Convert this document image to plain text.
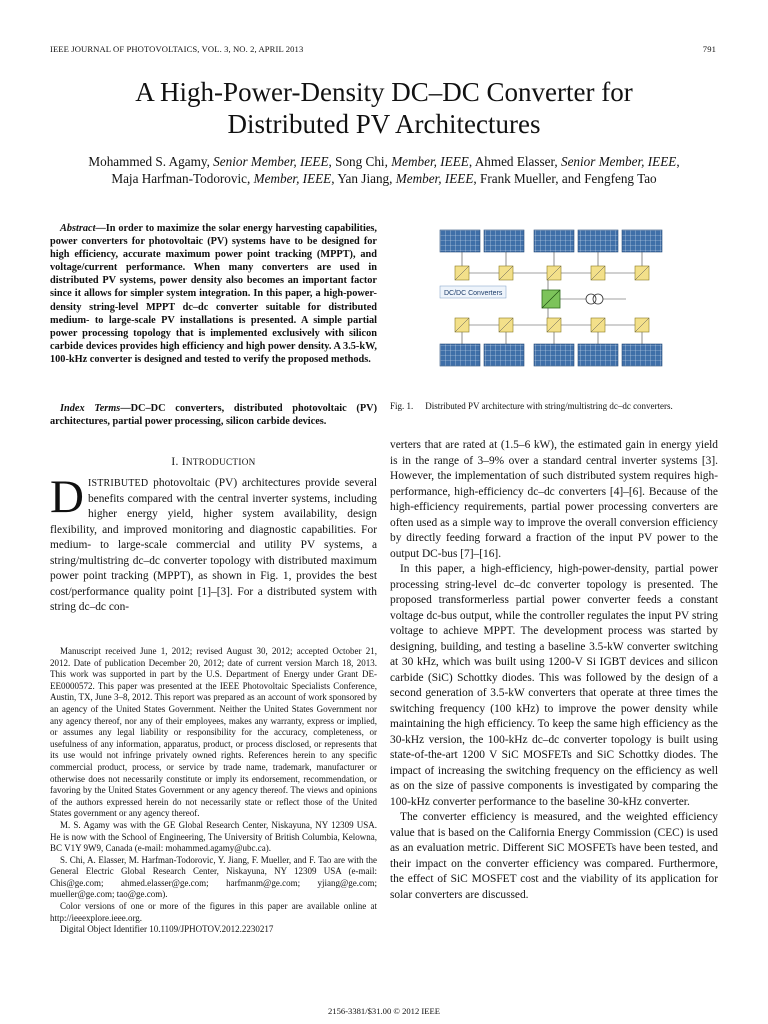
IEEE JOURNAL OF PHOTOVOLTAICS, VOL. 3, NO. 2, APRIL 2013	791
A High-Power-Density DC–DC Converter for
Distributed PV Architectures
Mohammed S. Agamy, Senior Member, IEEE, Song Chi, Member, IEEE, Ahmed Elasser, Senior Member, IEEE,
Maja Harfman-Todorovic, Member, IEEE, Yan Jiang, Member, IEEE, Frank Mueller, and Fengfeng Tao
Abstract—In order to maximize the solar energy harvesting capabilities, power converters for photovoltaic (PV) systems have to be designed for high efficiency, accurate maximum power point tracking (MPPT), and voltage/current performance. When many converters are used in distributed PV systems, power density also becomes an important factor since it allows for simpler system integration. In this paper, a high-power-density string-level MPPT dc–dc converter suitable for distributed medium- to large-scale PV installations is presented. A simple partial power processing topology that is implemented exclusively with silicon carbide devices provides high efficiency and high power density. A 3.5-kW, 100-kHz converter is designed and tested to verify the proposed methods.
Index Terms—DC–DC converters, distributed photovoltaic (PV) architectures, partial power processing, silicon carbide devices.
I. INTRODUCTION

DISTRIBUTED photovoltaic (PV) architectures provide several benefits compared with the central inverter systems, including higher energy yield, higher system availability, design flexibility, and improved monitoring and diagnostic capabilities. For medium- to large-scale commercial and utility PV systems, a string/multistring dc–dc converter topology with distributed maximum power point tracking (MPPT), as shown in Fig. 1, provides the best cost/performance quality point [1]–[3]. For a distributed system with string dc–dc con-

Manuscript received June 1, 2012; revised August 30, 2012; accepted October 21, 2012. Date of publication December 20, 2012; date of current version March 18, 2013. This work was supported in part by the U.S. Department of Energy under Grant DE-EE0000572. This paper was presented at the IEEE Photovoltaic Specialists Conference, Austin, TX, June 3–8, 2012. This report was prepared as an account of work sponsored by an agency of the United States Government. Neither the United States Government nor any agency thereof, nor any of their employees, makes any warranty, express or implied, or assumes any legal liability or responsibility for the accuracy, completeness, or usefulness of any information, apparatus, product, or process disclosed, or represents that its use would not infringe privately owned rights. References herein to any specific commercial product, process, or service by trade name, trademark, manufacturer or otherwise does not necessarily constitute or imply its endorsement, recommendation, or favoring by the United States Government or any agency thereof. The views and opinions of the authors expressed herein do not necessarily state or reflect those of the United States government or any agency thereof.

M. S. Agamy was with the GE Global Research Center, Niskayuna, NY 12309 USA. He is now with the School of Engineering, The University of British Columbia, Kelowna, BC V1Y 9W9, Canada (e-mail: mohammed.agamy@ubc.ca).

S. Chi, A. Elasser, M. Harfman-Todorovic, Y. Jiang, F. Mueller, and F. Tao are with the General Electric Global Research Center, Niskayuna, NY 12309 USA (e-mail: Chis@ge.com; ahmed.elasser@ge.com; harfmanm@ge.com; yjiang@ge.com; mueller@ge.com; tao@ge.com).

Color versions of one or more of the figures in this paper are available online at http://ieeexplore.ieee.org.

Digital Object Identifier 10.1109/JPHOTOV.2012.2230217

DC/DC Converters
Fig. 1. Distributed PV architecture with string/multistring dc–dc converters.

verters that are rated at (1.5–6 kW), the estimated gain in energy yield is in the range of 3–9% over a standard central inverter systems [3]. However, the implementation of such distributed system requires high-performance, high-efficiency dc–dc converters [4]–[6]. Because of the high-efficiency requirements, partial power processing converters are often used as a simple way to improve the overall conversion efficiency by directly feeding forward a fraction of the input PV power to the output DC-bus [7]–[16].

In this paper, a high-efficiency, high-power-density, partial power processing string-level dc–dc converter topology is presented. The proposed transformerless partial power converter feeds a constant voltage dc-bus output, while the controller regulates the input PV string voltage to achieve MPPT. The development process was started by designing, building, and testing a baseline 3.5-kW converter switching at 30 kHz, which was built using 1200-V Si IGBT devices and silicon carbide (SiC) Schottky diodes. This was followed by the design of a second generation of 3.5-kW converters that operate at three times the switching frequency (100 kHz) to improve the power density while maintaining the high efficiency. To keep the same high efficiency as the 30-kHz version, the 100-kHz dc–dc converter topology is built using state-of-the-art 1200 V SiC MOSFETs and SiC Schottky diodes. The impact of increasing the switching frequency on the efficiency as well as on the size of passive components is investigated by comparing the 100-kHz converter performance to the baseline 30-kHz converter.

The converter efficiency is measured, and the weighted efficiency value that is based on the California Energy Commission (CEC) is used as an evaluation metric. Different SiC MOSFETs have been tested, and their impact on the converter efficiency was compared. Furthermore, the effect of SiC MOSFET cost and the viability of its application for solar converters are discussed.

2156-3381/$31.00 © 2012 IEEE
